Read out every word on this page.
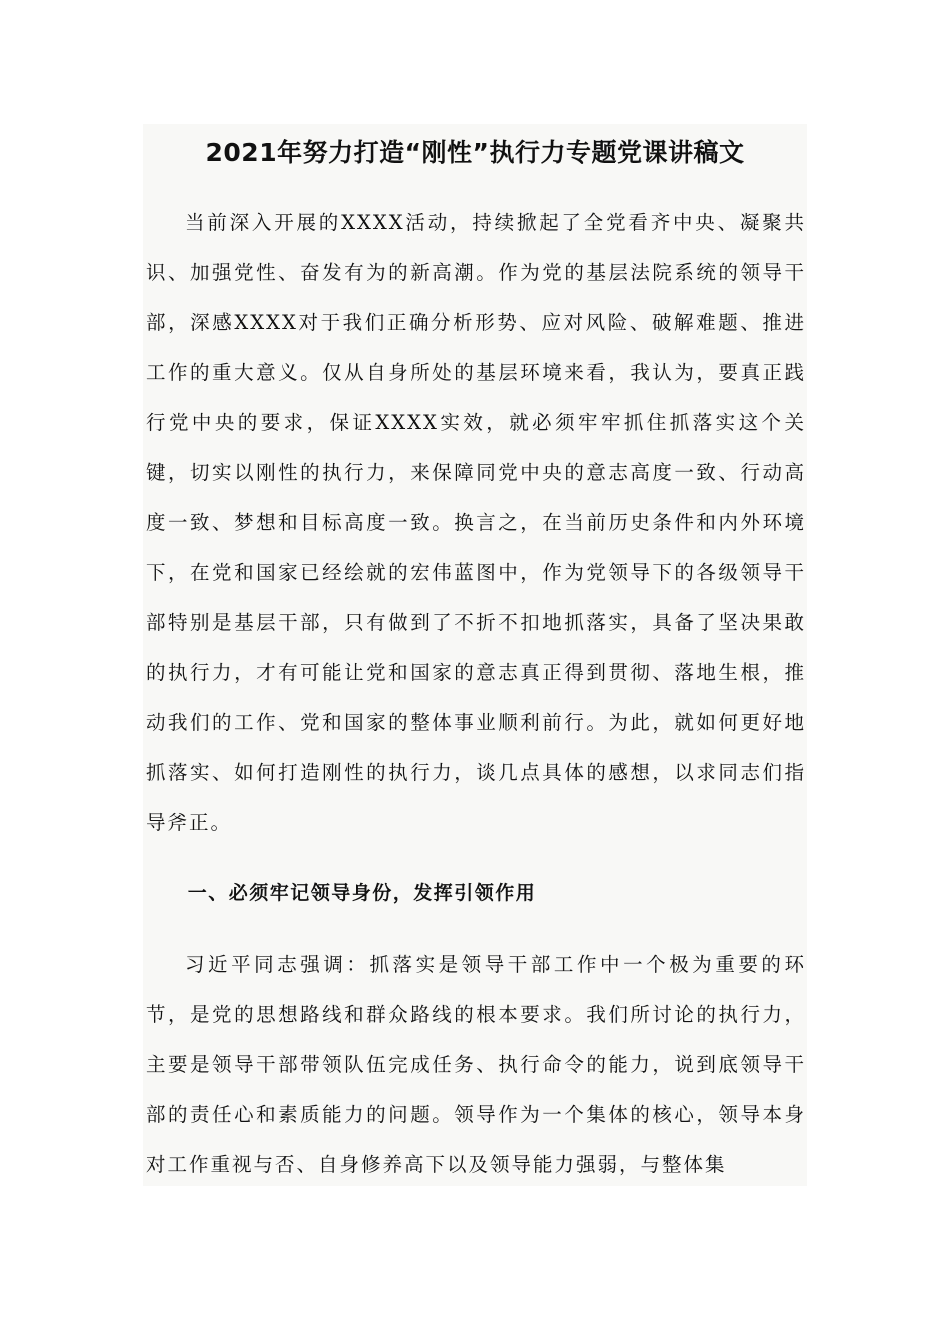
2021年努力打造“刚性”执行力专题党课讲稿文

当前深入开展的XXXX活动，持续掀起了全党看齐中央、凝聚共识、加强党性、奋发有为的新高潮。作为党的基层法院系统的领导干部，深感XXXX对于我们正确分析形势、应对风险、破解难题、推进工作的重大意义。仅从自身所处的基层环境来看，我认为，要真正践行党中央的要求，保证XXXX实效，就必须牢牢抓住抓落实这个关键，切实以刚性的执行力，来保障同党中央的意志高度一致、行动高度一致、梦想和目标高度一致。换言之，在当前历史条件和内外环境下，在党和国家已经绘就的宏伟蓝图中，作为党领导下的各级领导干部特别是基层干部，只有做到了不折不扣地抓落实，具备了坚决果敢的执行力，才有可能让党和国家的意志真正得到贯彻、落地生根，推动我们的工作、党和国家的整体事业顺利前行。为此，就如何更好地抓落实、如何打造刚性的执行力，谈几点具体的感想，以求同志们指导斧正。

一、必须牢记领导身份，发挥引领作用

习近平同志强调：抓落实是领导干部工作中一个极为重要的环节，是党的思想路线和群众路线的根本要求。我们所讨论的执行力，主要是领导干部带领队伍完成任务、执行命令的能力，说到底领导干部的责任心和素质能力的问题。领导作为一个集体的核心，领导本身对工作重视与否、自身修养高下以及领导能力强弱，与整体集
